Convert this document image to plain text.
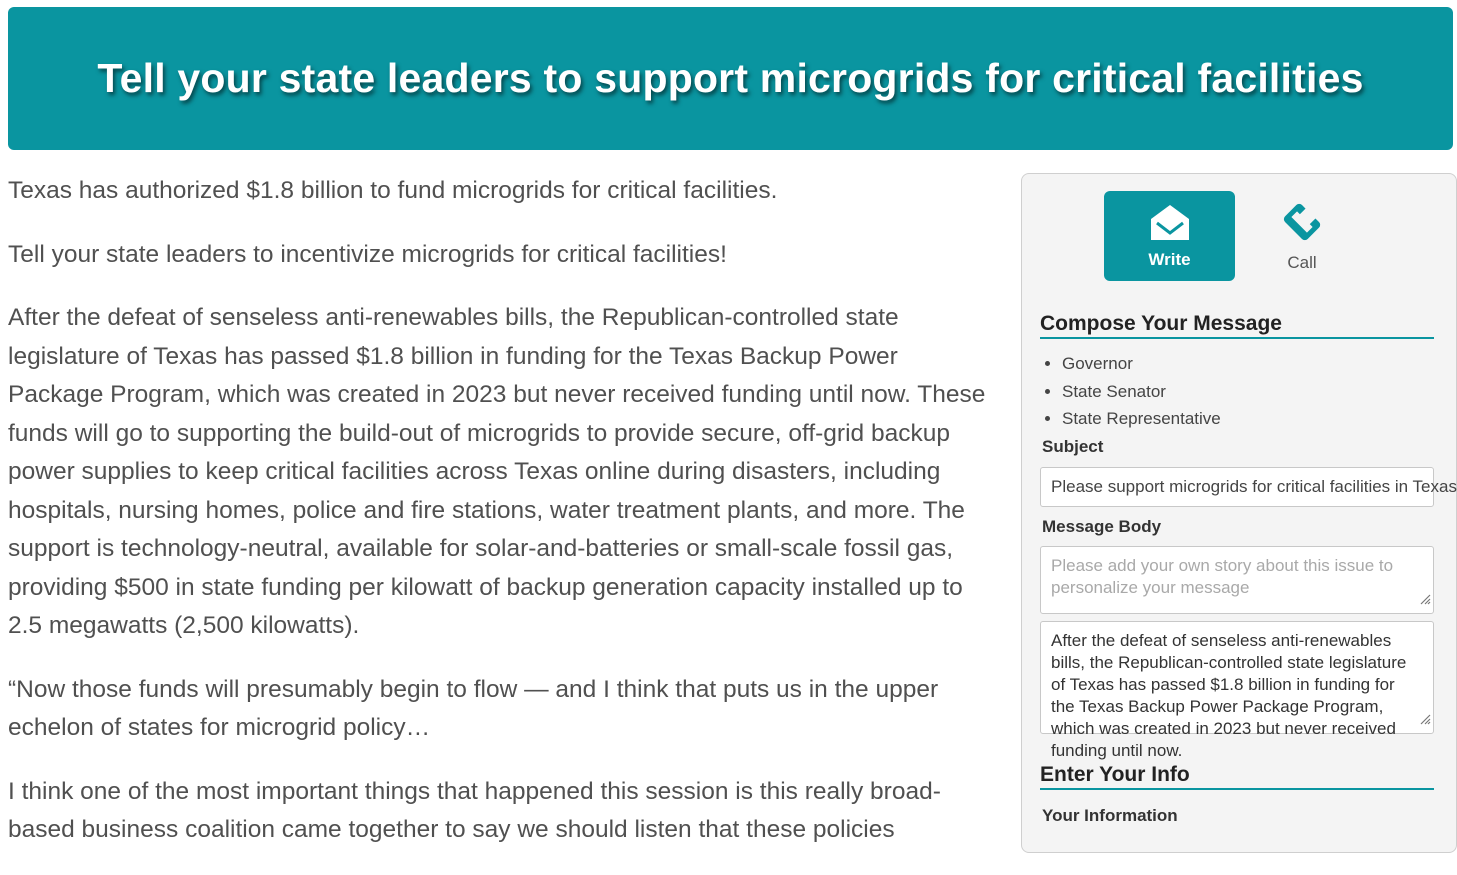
Tell your state leaders to support microgrids for critical facilities

Texas has authorized $1.8 billion to fund microgrids for critical facilities.

Tell your state leaders to incentivize microgrids for critical facilities!

After the defeat of senseless anti-renewables bills, the Republican-controlled state legislature of Texas has passed $1.8 billion in funding for the Texas Backup Power Package Program, which was created in 2023 but never received funding until now. These funds will go to supporting the build-out of microgrids to provide secure, off-grid backup power supplies to keep critical facilities across Texas online during disasters, including hospitals, nursing homes, police and fire stations, water treatment plants, and more. The support is technology-neutral, available for solar-and-batteries or small-scale fossil gas, providing $500 in state funding per kilowatt of backup generation capacity installed up to 2.5 megawatts (2,500 kilowatts).

“Now those funds will presumably begin to flow — and I think that puts us in the upper echelon of states for microgrid policy…

I think one of the most important things that happened this session is this really broad-based business coalition came together to say we should listen that these policies

Write	Call
Compose Your Message
• Governor
• State Senator
• State Representative
Subject
Please support microgrids for critical facilities in Texas
Message Body
Please add your own story about this issue to personalize your message
After the defeat of senseless anti-renewables bills, the Republican-controlled state legislature of Texas has passed $1.8 billion in funding for the Texas Backup Power Package Program, which was created in 2023 but never received funding until now.
Enter Your Info
Your Information
